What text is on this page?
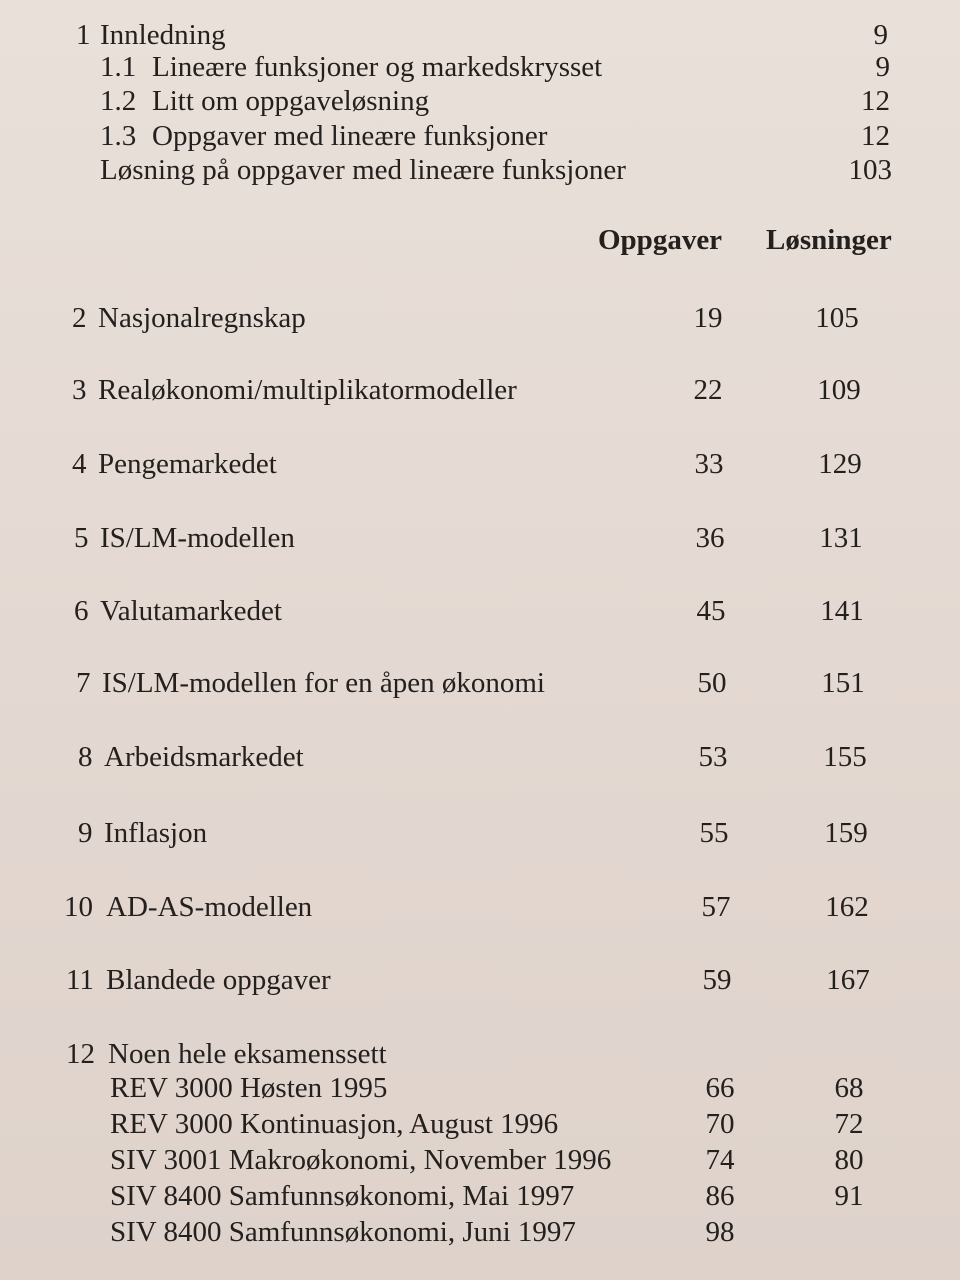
1 Innledning	9
1.1 Lineære funksjoner og markedskrysset	9
1.2 Litt om oppgaveløsning	12
1.3 Oppgaver med lineære funksjoner	12
Løsning på oppgaver med lineære funksjoner	103
Oppgaver Løsninger
2 Nasjonalregnskap	19	105
3 Realøkonomi/multiplikatormodeller	22	109
4 Pengemarkedet	33	129
5 IS/LM-modellen	36	131
6 Valutamarkedet	45	141
7 IS/LM-modellen for en åpen økonomi	50	151
8 Arbeidsmarkedet	53	155
9 Inflasjon	55	159
10 AD-AS-modellen	57	162
11 Blandede oppgaver	59	167
12 Noen hele eksamenssett
REV 3000 Høsten 1995	66	68
REV 3000 Kontinuasjon, August 1996	70	72
SIV 3001 Makroøkonomi, November 1996	74	80
SIV 8400 Samfunnsøkonomi, Mai 1997	86	91
SIV 8400 Samfunnsøkonomi, Juni 1997	98
